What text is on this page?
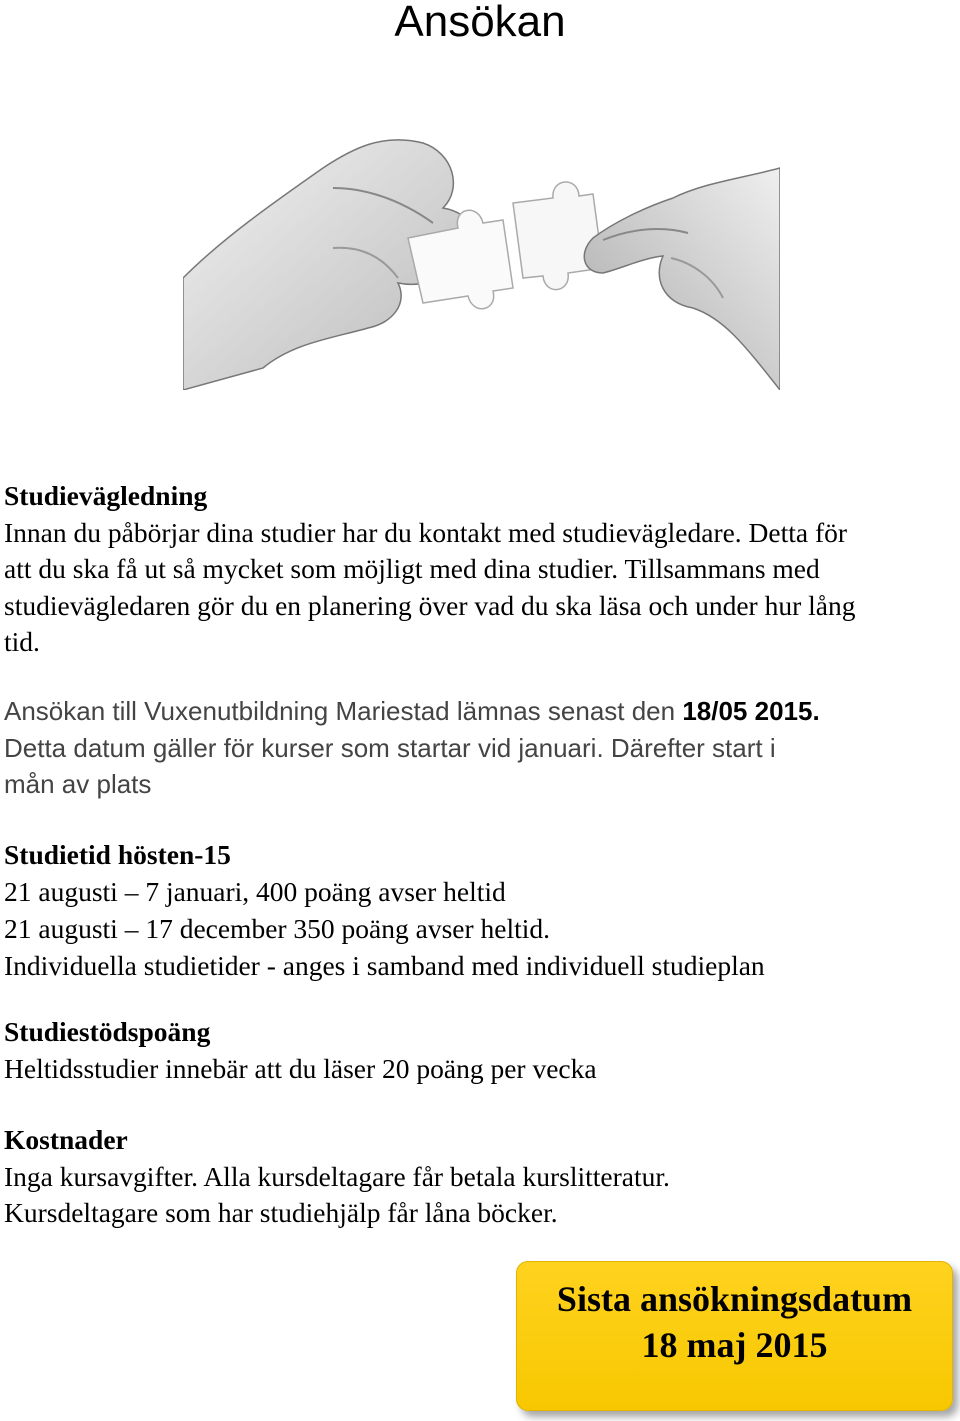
Ansökan
Studievägledning
Innan du påbörjar dina studier har du kontakt med studievägledare. Detta för
att du ska få ut så mycket som möjligt med dina studier. Tillsammans med
studievägledaren gör du en planering över vad du ska läsa och under hur lång
tid.
Ansökan till Vuxenutbildning Mariestad lämnas senast den 18/05 2015.
Detta datum gäller för kurser som startar vid januari. Därefter start i
mån av plats
Studietid hösten-15
21 augusti – 7 januari, 400 poäng avser heltid
21 augusti – 17 december 350 poäng avser heltid.
Individuella studietider - anges i samband med individuell studieplan
Studiestödspoäng
Heltidsstudier innebär att du läser 20 poäng per vecka
Kostnader
Inga kursavgifter. Alla kursdeltagare får betala kurslitteratur.
Kursdeltagare som har studiehjälp får låna böcker.
Sista ansökningsdatum
18 maj 2015
